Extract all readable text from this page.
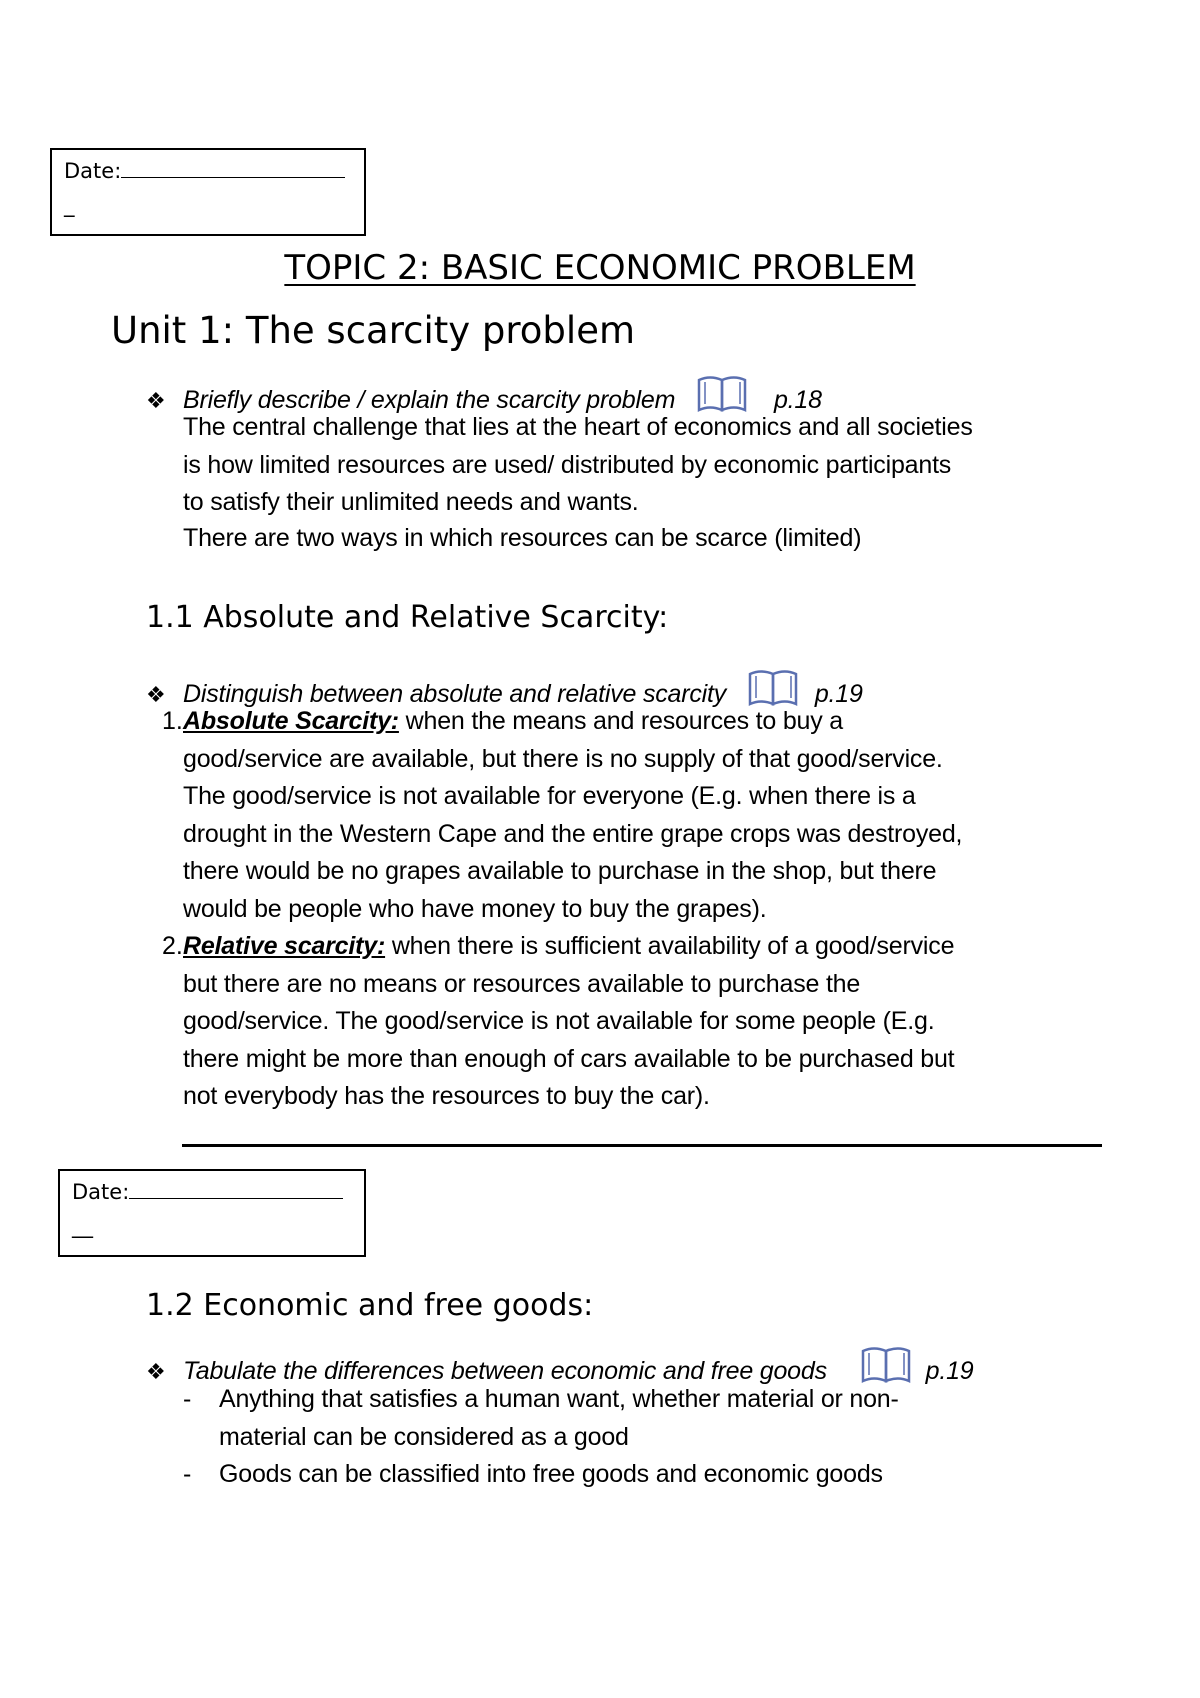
Date:
_
TOPIC 2: BASIC ECONOMIC PROBLEM
Unit 1: The scarcity problem
❖ Briefly describe / explain the scarcity problem	p.18
The central challenge that lies at the heart of economics and all societies
is how limited resources are used/ distributed by economic participants
to satisfy their unlimited needs and wants.
There are two ways in which resources can be scarce (limited)
1.1 Absolute and Relative Scarcity:
❖ Distinguish between absolute and relative scarcity	p.19
1. Absolute Scarcity: when the means and resources to buy a
good/service are available, but there is no supply of that good/service.
The good/service is not available for everyone (E.g. when there is a
drought in the Western Cape and the entire grape crops was destroyed,
there would be no grapes available to purchase in the shop, but there
would be people who have money to buy the grapes).
2. Relative scarcity: when there is sufficient availability of a good/service
but there are no means or resources available to purchase the
good/service. The good/service is not available for some people (E.g.
there might be more than enough of cars available to be purchased but
not everybody has the resources to buy the car).
Date:
__
1.2 Economic and free goods:
❖ Tabulate the differences between economic and free goods	p.19
- Anything that satisfies a human want, whether material or non-
material can be considered as a good
- Goods can be classified into free goods and economic goods
